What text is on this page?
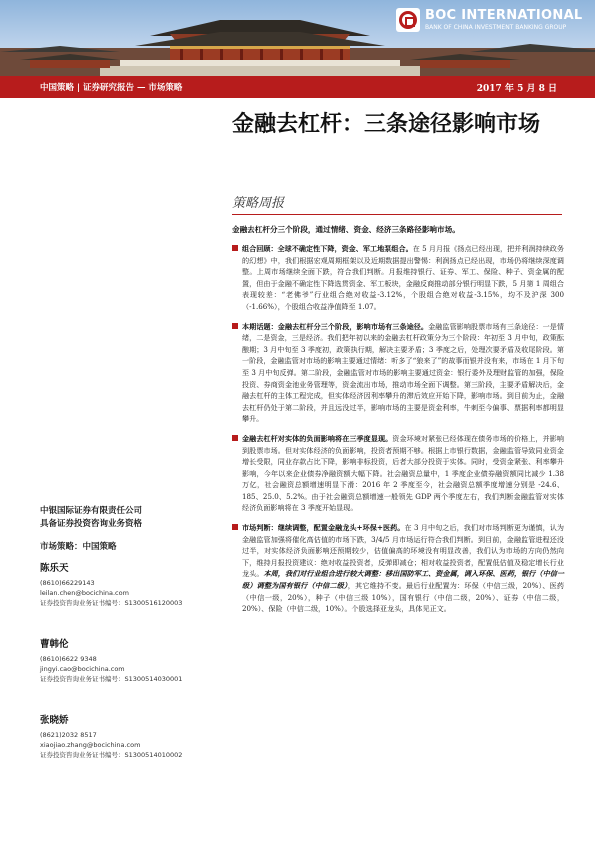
BOC INTERNATIONAL
BANK OF CHINA INVESTMENT BANKING GROUP
中国策略 | 证券研究报告 — 市场策略	2017 年 5 月 8 日
金融去杠杆：三条途径影响市场
策略周报
中银国际证券有限责任公司
具备证券投资咨询业务资格
市场策略：中国策略
陈乐天
(8610)66229143
leilan.chen@bocichina.com
证券投资咨询业务证书编号：S1300516120003
曹韩伦
(8610)6622 9348
jingyi.cao@bocichina.com
证券投资咨询业务证书编号：S1300514030001
张晓娇
(8621)2032 8517
xiaojiao.zhang@bocichina.com
证券投资咨询业务证书编号：S1300514010002
金融去杠杆分三个阶段，通过情绪、资金、经济三条路径影响市场。

组合回顾：全球不确定性下降，资金、军工地泵组合。在 5 月月报《扬点已经出现，把并利润持续政务的幻想》中，我们根据宏观周期框架以及近期数据提出警惕：利润扬点已经出现，市场仍将继续深度调整。上周市场继续全面下跌，符合我们判断。月报维持银行、证券、军工、保险、种子、资金属的配置，但由于金融不确定性下降选贯资金、军工板块，金融反商推动部分银行明显下跌，5 月第 1 周组合表现较差：“老佛爷”行业组合绝对收益-3.12%，个股组合绝对收益-3.15%，均不及沪深 300（-1.66%），个股组合收益净值降至 1.07。

本期话题：金融去杠杆分三个阶段，影响市场有三条途径。金融监管影响股票市场有三条途径：一是情绪，二是资金，三是经济。我们把年初以来的金融去杠杆政策分为三个阶段：年初至 3 月中旬，政策酝酿期；3 月中旬至 3 季度初，政策执行期，解决主要矛盾；3 季度之后，处理次要矛盾及收尾阶段。第一阶段，金融监管对市场的影响主要通过情绪：听多了“狼来了”的故事而银并没有来，市场在 1 月下旬至 3 月中旬反弹。第二阶段，金融监管对市场的影响主要通过资金：银行委外及理财监管的加强，保险投资、券商资金池业务管理等，资金流出市场，推动市场全面下调整。第三阶段，主要矛盾解决后，金融去杠杆的主体工程完成，但实体经济因利率攀升的滞后效应开始下降，影响市场。到目前为止，金融去杠杆仍处于第二阶段，并且远没过半，影响市场的主要是资金利率，牛刺至今偏事、票据利率都明显攀升。

金融去杠杆对实体的负面影响将在三季度显现。资金环境对紧张已经体现在债务市场的价格上，并影响到股票市场。但对实体经济的负面影响，投资者预期不够。根据上市银行数据，金融监管导致同业资金增长受限，同业存款占比下降，影响非标投资，后者大部分投资于实体。同时，受资金紧张、利率攀升影响，今年以来企业债券净融资额大幅下降。社会融资总量中，1 季度企业债券融资额同比减少 1.38 万亿，社会融资总额增速明显下滑：2016 年 2 季度至今，社会融资总额季度增速分别是 -24.6、185、25.0、5.2%。由于社会融资总额增速一般领先 GDP 两个季度左右，我们判断金融监管对实体经济负面影响将在 3 季度开始显现。

市场判断：继续调整，配置金融龙头+环保+医药。在 3 月中旬之后，我们对市场判断更为谨慎，认为金融监管加强将催化高估值的市场下跌，3/4/5 月市场运行符合我们判断。到目前，金融监管进程还没过半，对实体经济负面影响还预期较少，估值偏高的环境没有明显改善，我们认为市场的方向仍然向下，维持月报投资建议：绝对收益投资者，反弹即减仓；相对收益投资者，配置低估值及稳定增长行业龙头。本周，我们对行业组合进行较大调整：移出国防军工、资金属，调入环保、医药，银行（中信一级）调整为国有银行（中信二级），其它维持不变。最后行业配置为：环保（中信三级，20%）、医药（中信一级，20%），种子（中信三级 10%），国有银行（中信二级，20%）、证券（中信二级，20%）、保险（中信二级，10%）。个股选择亚龙头，具体见正文。
